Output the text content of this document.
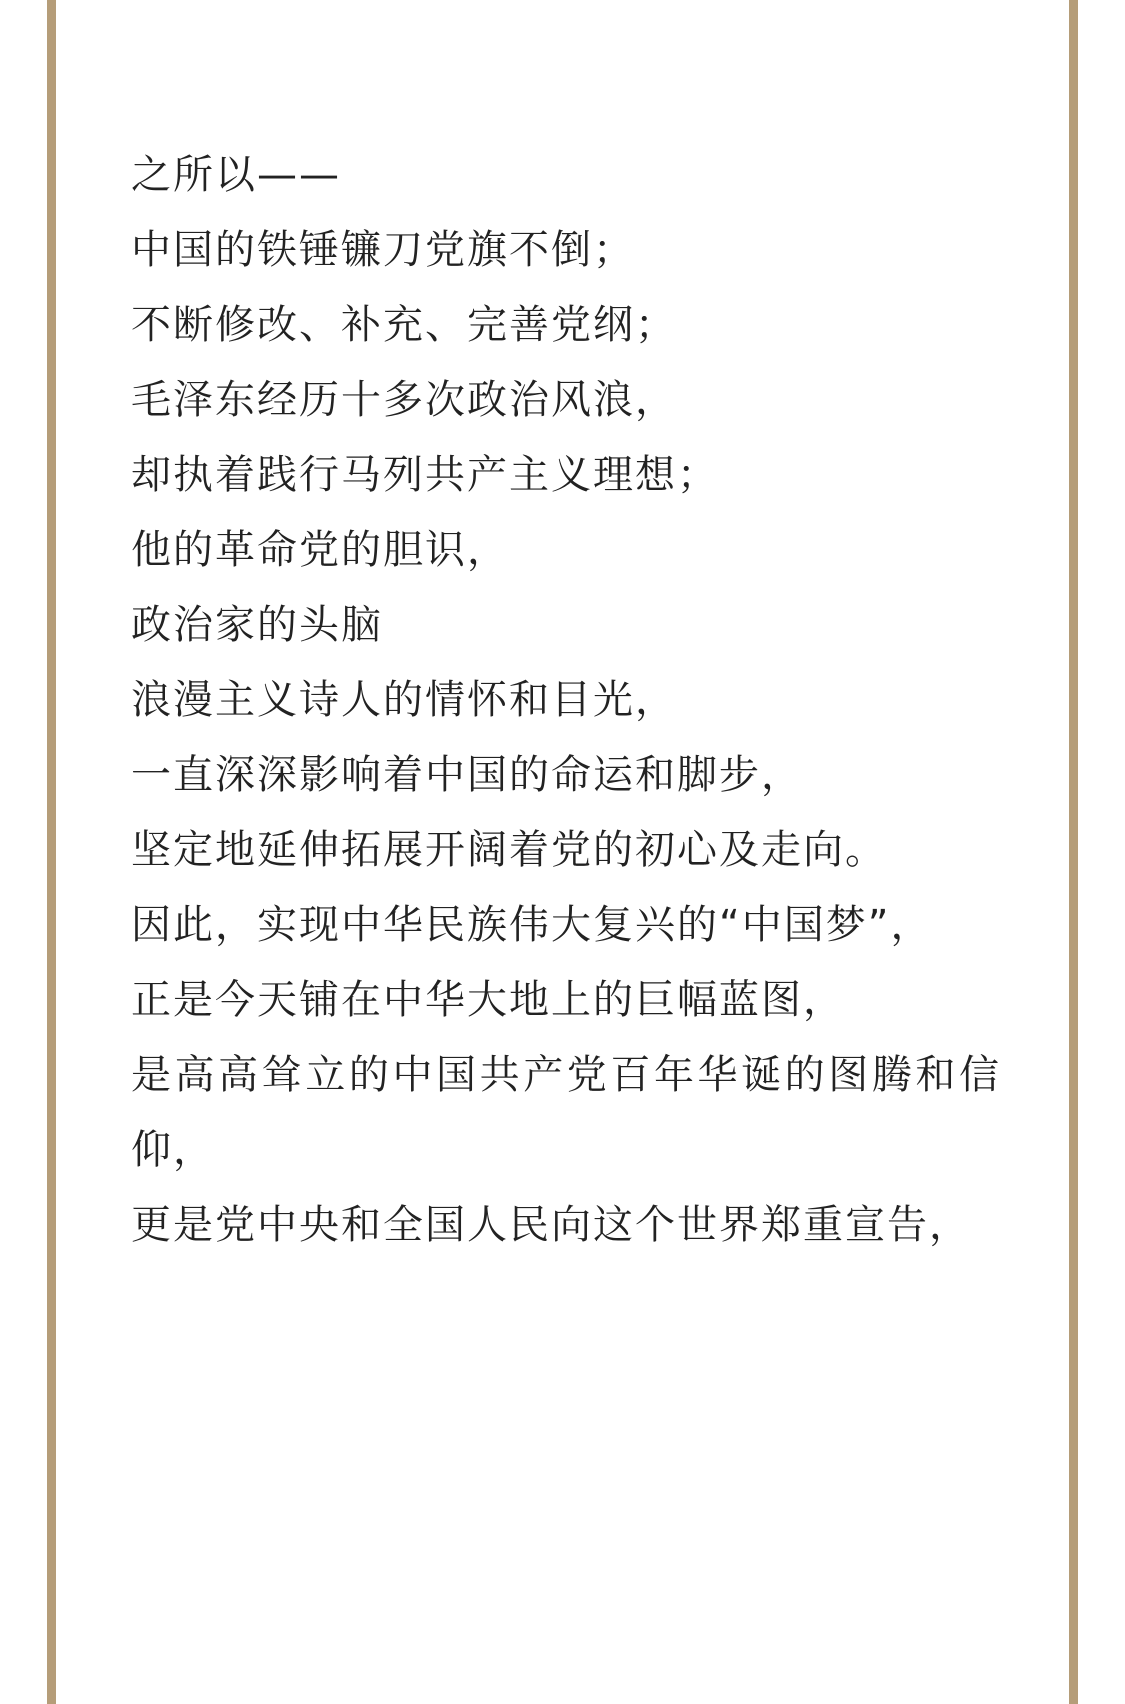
之所以——

中国的铁锤镰刀党旗不倒；

不断修改、补充、完善党纲；

毛泽东经历十多次政治风浪，

却执着践行马列共产主义理想；

他的革命党的胆识，

政治家的头脑

浪漫主义诗人的情怀和目光，

一直深深影响着中国的命运和脚步，

坚定地延伸拓展开阔着党的初心及走向。

因此，实现中华民族伟大复兴的“中国梦”，

正是今天铺在中华大地上的巨幅蓝图，

是高高耸立的中国共产党百年华诞的图腾和信仰，

更是党中央和全国人民向这个世界郑重宣告，
